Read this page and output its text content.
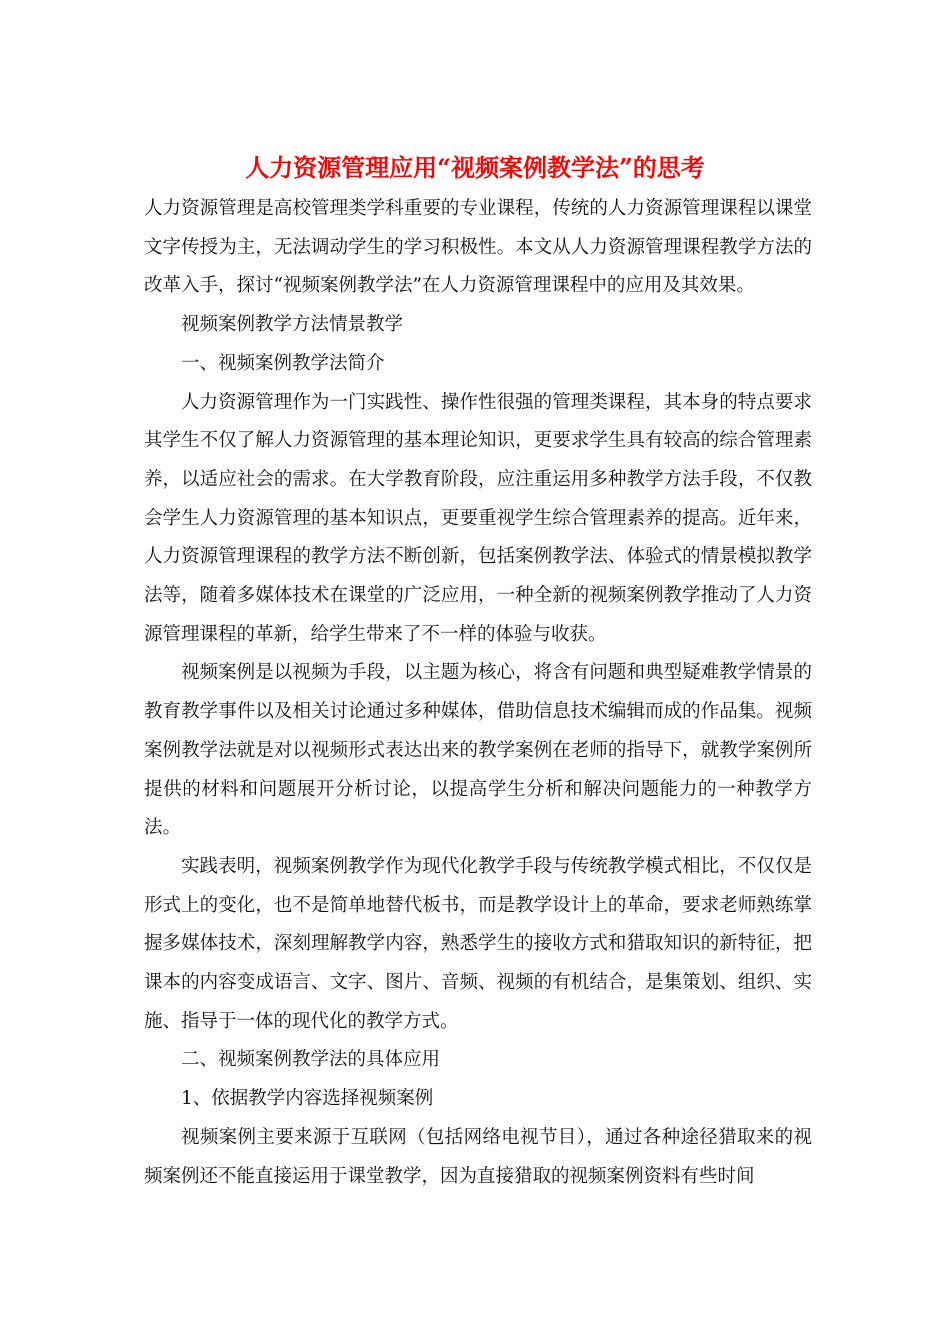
人力资源管理应用“视频案例教学法”的思考

人力资源管理是高校管理类学科重要的专业课程，传统的人力资源管理课程以课堂文字传授为主，无法调动学生的学习积极性。本文从人力资源管理课程教学方法的改革入手，探讨“视频案例教学法”在人力资源管理课程中的应用及其效果。

视频案例教学方法情景教学

一、视频案例教学法简介

人力资源管理作为一门实践性、操作性很强的管理类课程，其本身的特点要求其学生不仅了解人力资源管理的基本理论知识，更要求学生具有较高的综合管理素养，以适应社会的需求。在大学教育阶段，应注重运用多种教学方法手段，不仅教会学生人力资源管理的基本知识点，更要重视学生综合管理素养的提高。近年来，人力资源管理课程的教学方法不断创新，包括案例教学法、体验式的情景模拟教学法等，随着多媒体技术在课堂的广泛应用，一种全新的视频案例教学推动了人力资源管理课程的革新，给学生带来了不一样的体验与收获。

视频案例是以视频为手段，以主题为核心，将含有问题和典型疑难教学情景的教育教学事件以及相关讨论通过多种媒体，借助信息技术编辑而成的作品集。视频案例教学法就是对以视频形式表达出来的教学案例在老师的指导下，就教学案例所提供的材料和问题展开分析讨论，以提高学生分析和解决问题能力的一种教学方法。

实践表明，视频案例教学作为现代化教学手段与传统教学模式相比，不仅仅是形式上的变化，也不是简单地替代板书，而是教学设计上的革命，要求老师熟练掌握多媒体技术，深刻理解教学内容，熟悉学生的接收方式和猎取知识的新特征，把课本的内容变成语言、文字、图片、音频、视频的有机结合，是集策划、组织、实施、指导于一体的现代化的教学方式。

二、视频案例教学法的具体应用

1、依据教学内容选择视频案例

视频案例主要来源于互联网（包括网络电视节目），通过各种途径猎取来的视频案例还不能直接运用于课堂教学，因为直接猎取的视频案例资料有些时间
